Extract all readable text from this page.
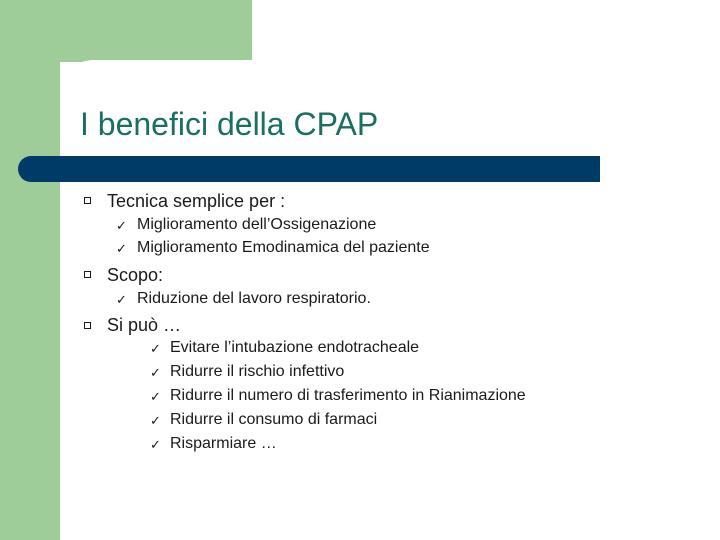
I benefici della CPAP
Tecnica semplice per :
✓ Miglioramento dell’Ossigenazione
✓ Miglioramento Emodinamica del paziente
Scopo:
✓ Riduzione del lavoro respiratorio.
Si può …
✓ Evitare l’intubazione endotracheale
✓ Ridurre il rischio infettivo
✓ Ridurre il numero di trasferimento in Rianimazione
✓ Ridurre il consumo di farmaci
✓ Risparmiare …
